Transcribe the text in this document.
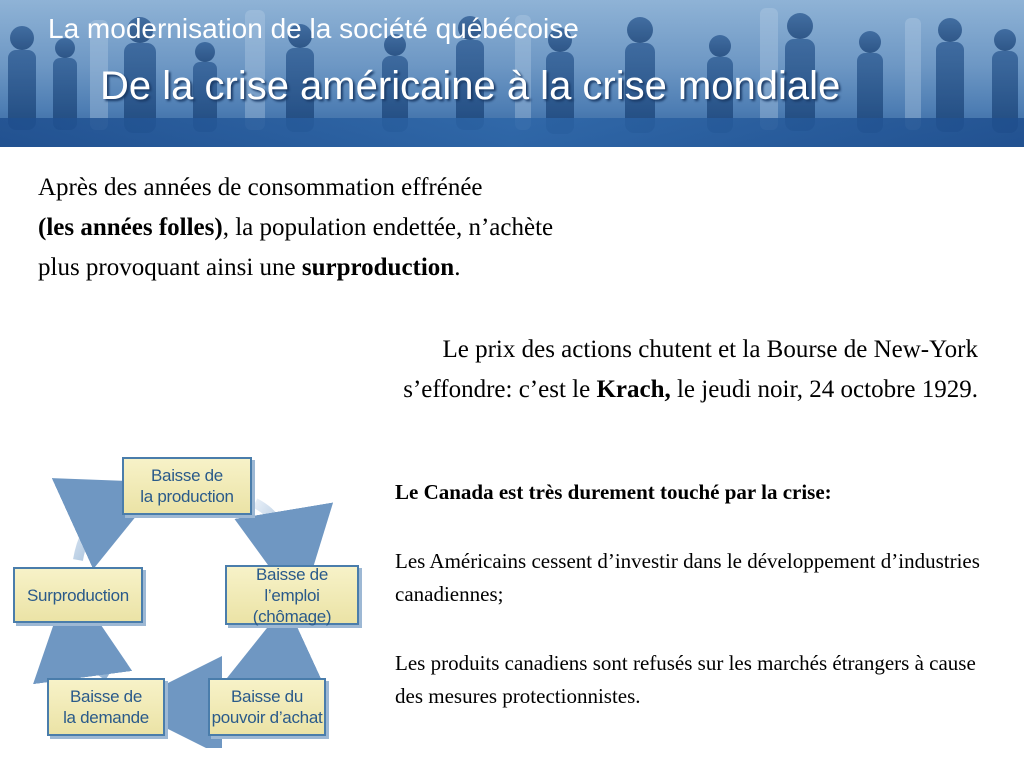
La modernisation de la société québécoise
De la crise américaine à la crise mondiale
Après des années de consommation effrénée
(les années folles), la population endettée, n’achète
plus provoquant ainsi une surproduction.
Le prix des actions chutent et la Bourse de New-York
s’effondre: c’est le Krach, le jeudi noir, 24 octobre 1929.
Le Canada est très durement touché par la crise:
Les Américains cessent d’investir dans le développement d’industries canadiennes;
Les produits canadiens sont refusés sur les marchés étrangers à cause des mesures protectionnistes.
Baisse de
la production
Baisse de l’emploi
(chômage)
Baisse du
pouvoir d’achat
Baisse de
la demande
Surproduction
